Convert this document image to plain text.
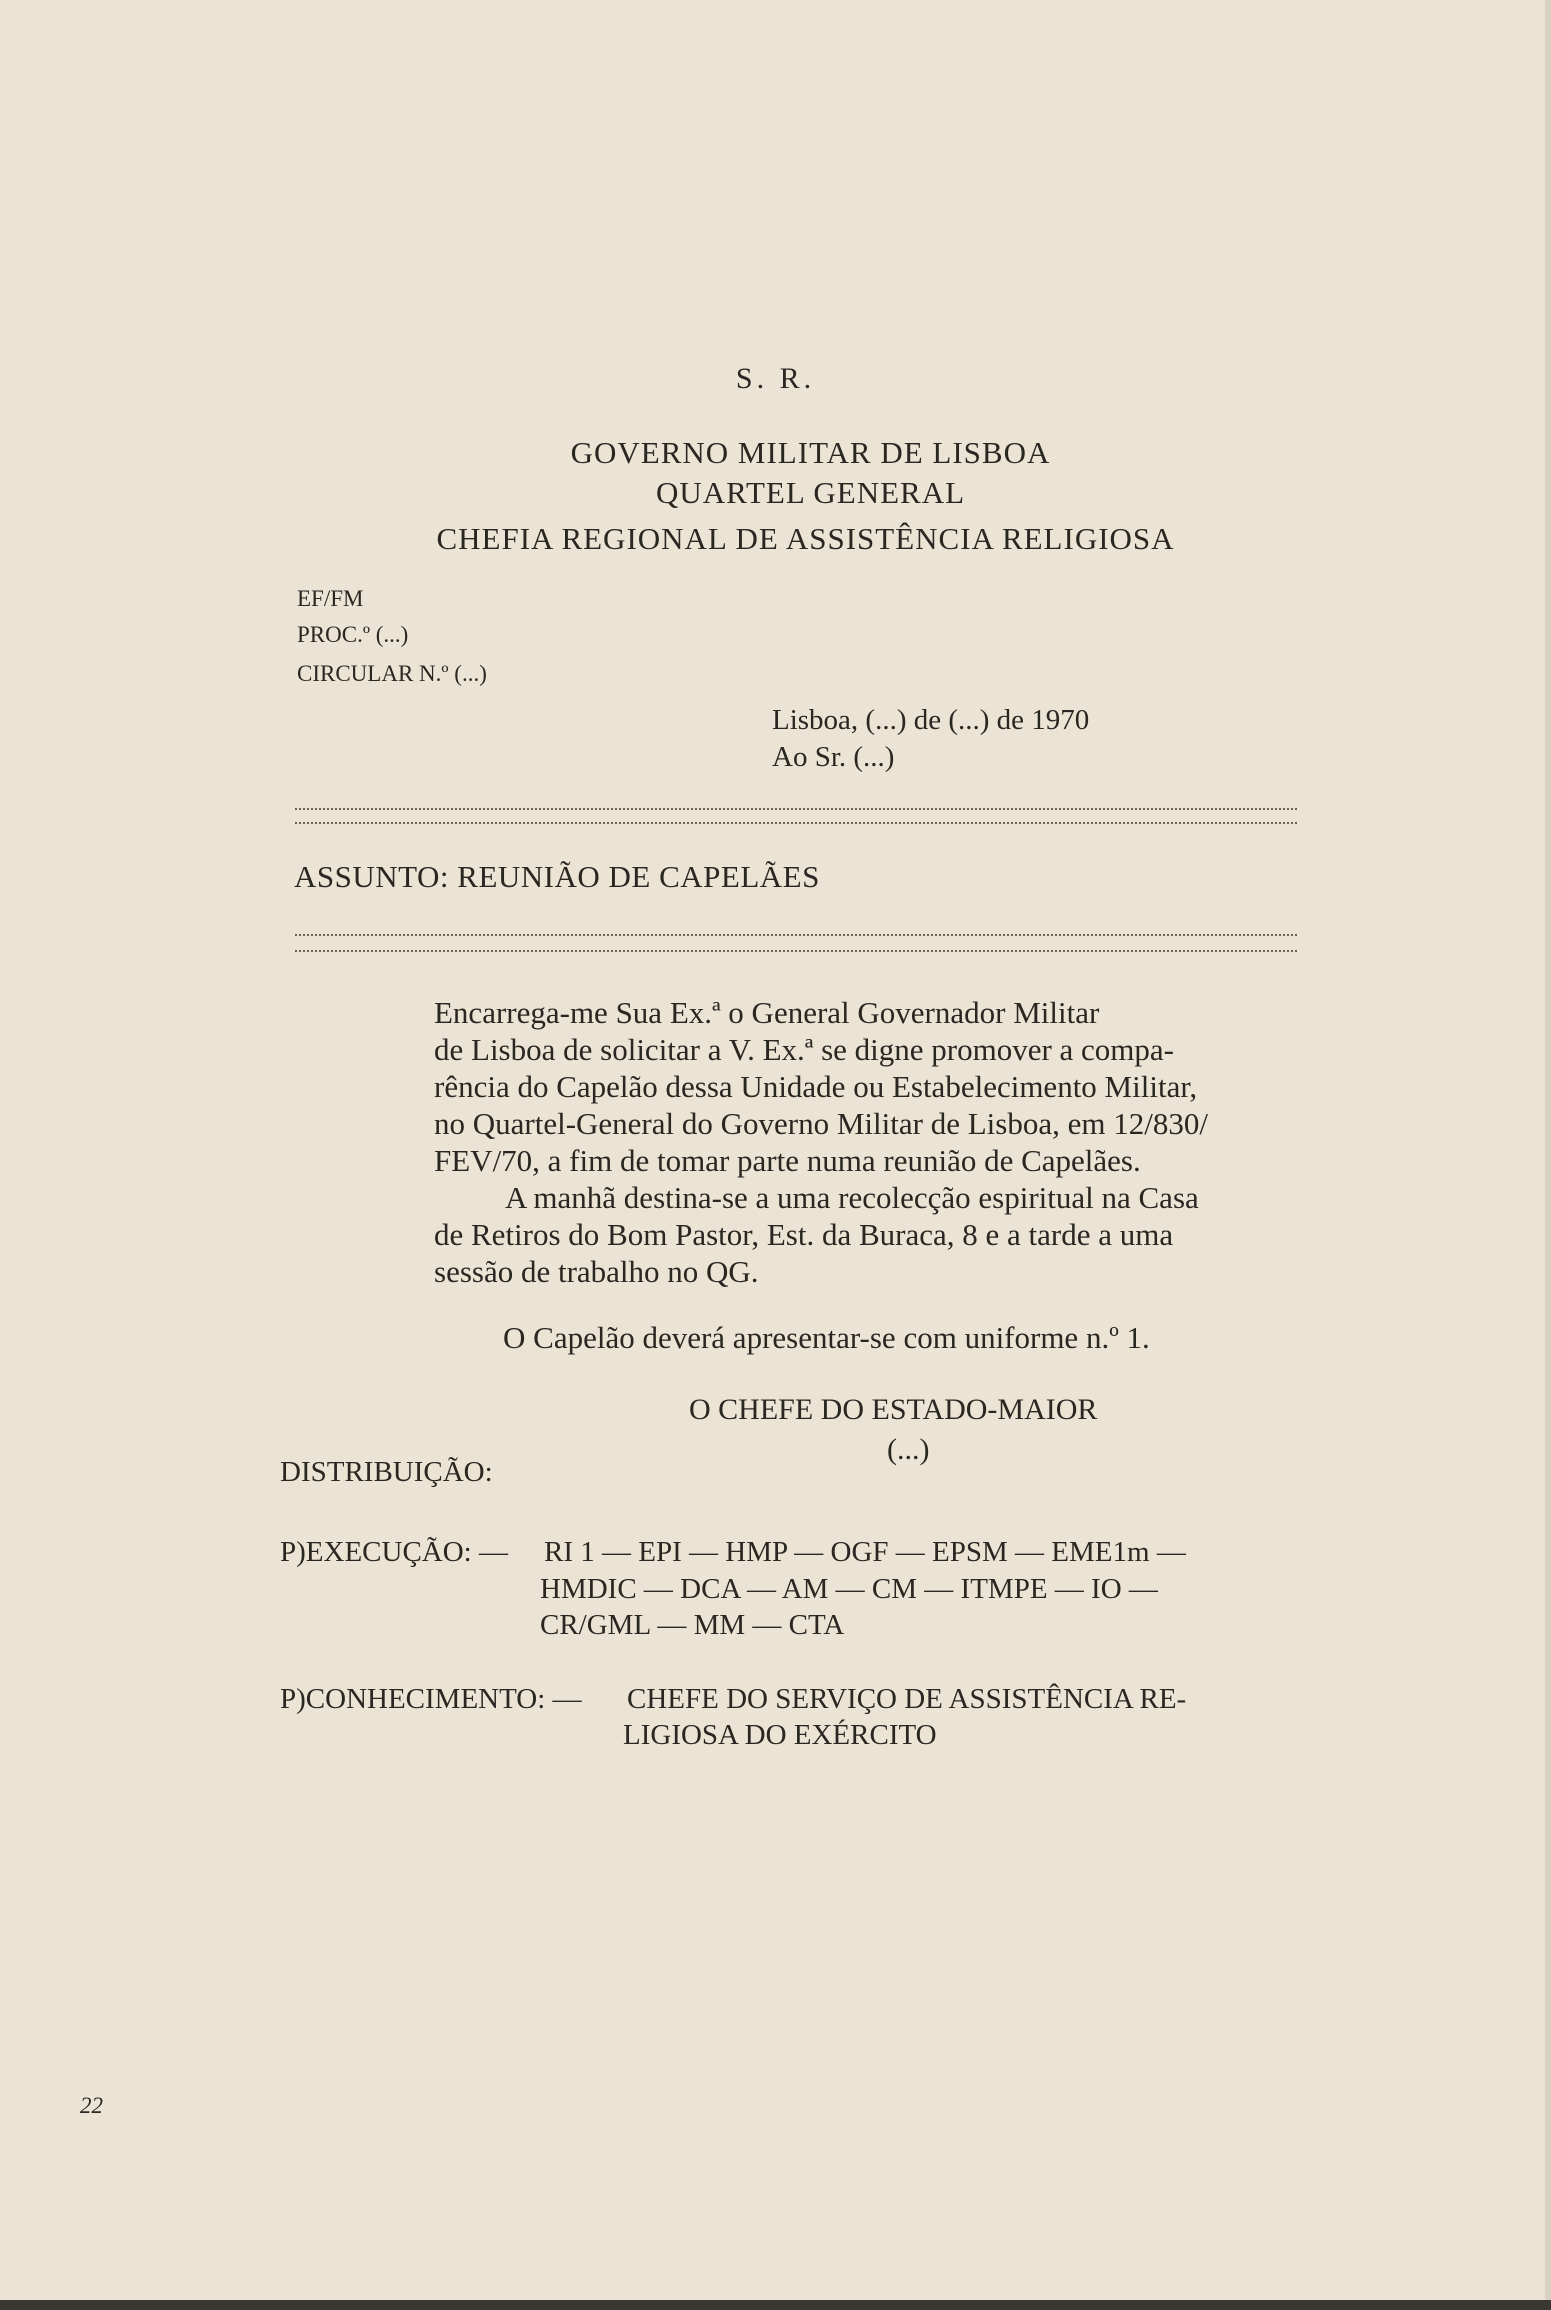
S. R.
GOVERNO MILITAR DE LISBOA
QUARTEL GENERAL
CHEFIA REGIONAL DE ASSISTÊNCIA RELIGIOSA
EF/FM
PROC.º (...)
CIRCULAR N.º (...)
Lisboa, (...) de (...) de 1970
Ao Sr. (...)
ASSUNTO: REUNIÃO DE CAPELÃES
Encarrega-me Sua Ex.ª o General Governador Militar
de Lisboa de solicitar a V. Ex.ª se digne promover a compa-
rência do Capelão dessa Unidade ou Estabelecimento Militar,
no Quartel-General do Governo Militar de Lisboa, em 12/830/
FEV/70, a fim de tomar parte numa reunião de Capelães.
A manhã destina-se a uma recolecção espiritual na Casa
de Retiros do Bom Pastor, Est. da Buraca, 8 e a tarde a uma
sessão de trabalho no QG.
O Capelão deverá apresentar-se com uniforme n.º 1.
O CHEFE DO ESTADO-MAIOR
(...)
DISTRIBUIÇÃO:
P)EXECUÇÃO: — RI 1 — EPI — HMP — OGF — EPSM — EME1m —
HMDIC — DCA — AM — CM — ITMPE — IO —
CR/GML — MM — CTA
P)CONHECIMENTO: — CHEFE DO SERVIÇO DE ASSISTÊNCIA RE-
LIGIOSA DO EXÉRCITO
22
